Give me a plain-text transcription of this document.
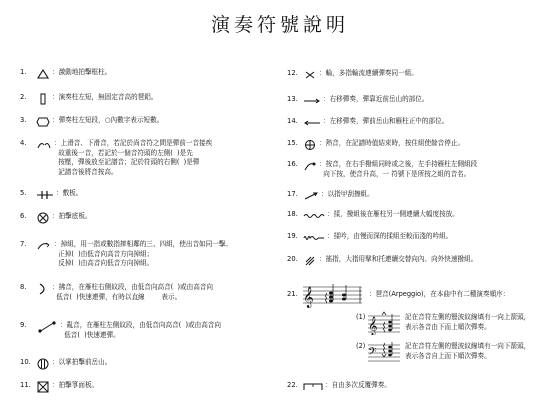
演奏符號說明
1.	：激動地拍擊框柱。
2.	：演奏柱左短，無固定音高的琶鋁。
3.	：彈奏柱左短段，○內數字表示短數。
4.	：上滑音、下滑音，若記於尚音符之間是彈前一音接疾
故重後一音，若記於一個音符頭的左側(  )是先
按壓，彈後放至記譜音；記於符頭的右側(  )是彈
記譜音後將音按高。
5.	：敷板。
6.	：拍擊底板。
7.	：掉組，用一指或數指摔相鄰的三、四組，使出音如同一擊。
正掉(  )由低音向高音方向掉組；
反掉(  )由高音向低音方向掉組。
8.	：拂音，在雁柱右側紋段，由低音向高音(  )或由高音向
低音(  )快速連彈，有時以直線        表示。
9.	：亂音，在雁柱左側紋段，由低音向高音(  )或由高音向
低音(  )快速連彈。
10.	：以掌拍擊前岳山。
11.	：拍擊箏面板。
12.	：輪，多指輪流連續彈奏同一組。
13.	：右移彈奏，彈靠近前岳山的部位。
14.	：左移彈奏，彈前岳山和雁柱正中的部位。
15.	：熱音，在記譜時值結束時，按住組使餘音停止。
16.	：按音，在右手撥組同時或之後，左手持雁柱左側組段
向下按，使音升高，一 符號下是所按之組的音名。
17.	：以指甲刮擦組。
18.	：揉，撥組後在雁柱另一側連續大幅度按放。
19.	：揉吟，由慢而深的揉組至較而淺的吟組。
20.	：搖指，大指用擘和托連續交替向內、向外快速撥組。
21.	：琶音(Arpeggio)，在本曲中有二種演奏順序：
𝄞
(1) 𝄞	記在音符左側的豎波紋線填有一向上箭頭，
表示各音由下而上順次彈奏。
(2) 𝄢	記在音符左側的豎波紋線填有一向下箭頭，
表示各音自上而下順次彈奏。
22.	：自由多次反覆彈奏。
